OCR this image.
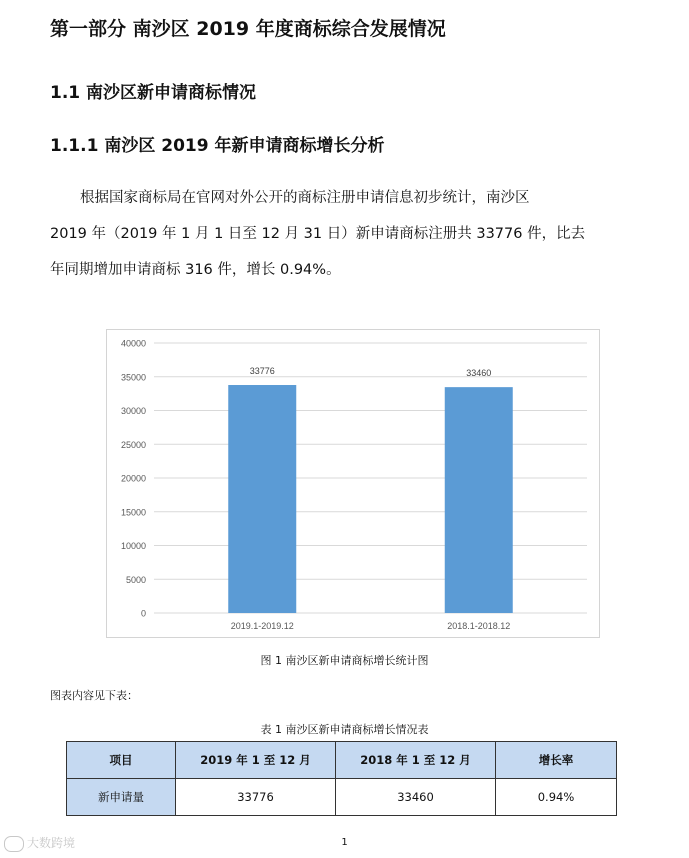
第一部分 南沙区 2019 年度商标综合发展情况
1.1 南沙区新申请商标情况
1.1.1 南沙区 2019 年新申请商标增长分析

根据国家商标局在官网对外公开的商标注册申请信息初步统计，南沙区
2019 年（2019 年 1 月 1 日至 12 月 31 日）新申请商标注册共 33776 件，比去
年同期增加申请商标 316 件，增长 0.94%。

0
5000
10000
15000
20000
25000
30000
35000
40000
33776
2019.1-2019.12
33460
2018.1-2018.12
图 1 南沙区新申请商标增长统计图
图表内容见下表：
表 1 南沙区新申请商标增长情况表
项目	2019 年 1 至 12 月	2018 年 1 至 12 月	增长率
新申请量	33776	33460	0.94%
1
大数跨境
